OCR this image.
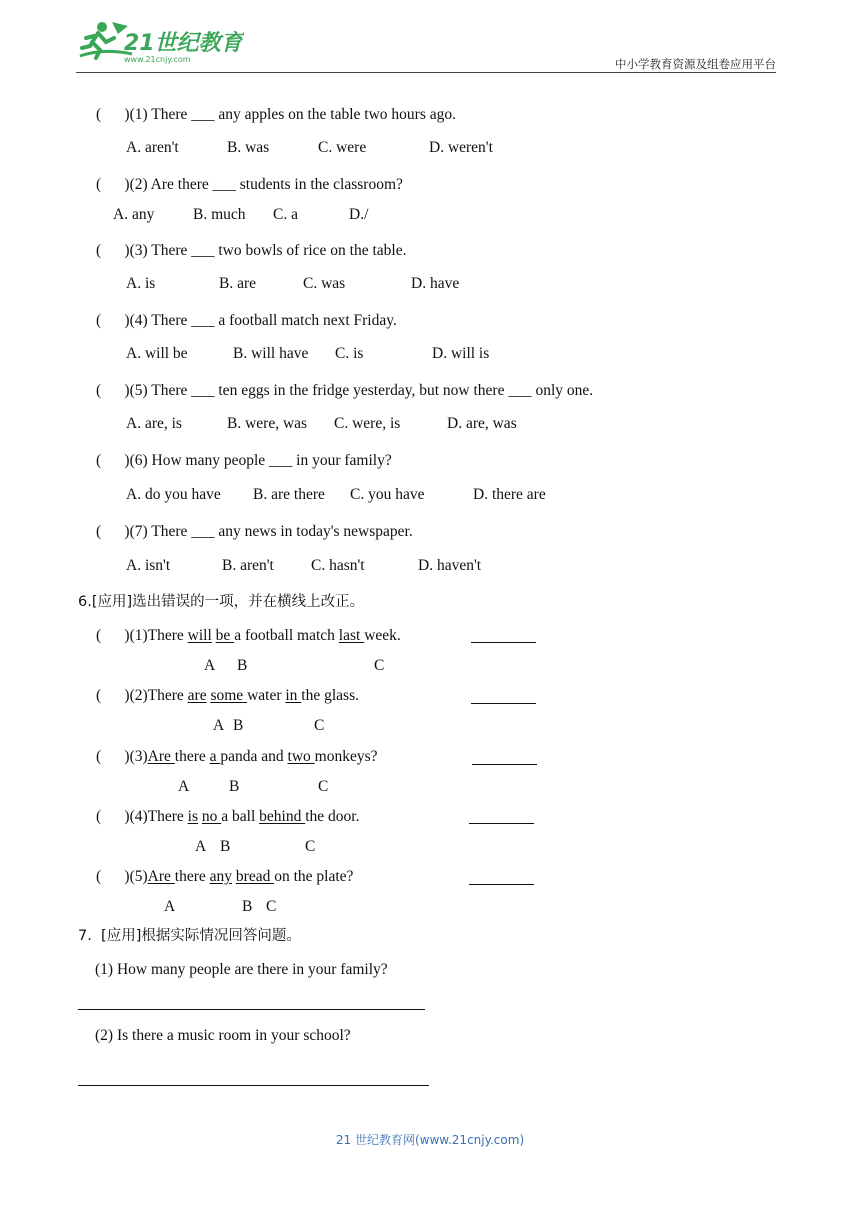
21世纪教育
www.21cnjy.com	中小学教育资源及组卷应用平台
(      )(1) There ___ any apples on the table two hours ago.
A. aren't	B. was	C. were	D. weren't
(      )(2) Are there ___ students in the classroom?
A. any B. much C. a	D./
(      )(3) There ___ two bowls of rice on the table.
A. is	B. are	C. was	D. have
(      )(4) There ___ a football match next Friday.
A. will be	B. will have C. is	D. will is
(      )(5) There ___ ten eggs in the fridge yesterday, but now there ___ only one.
A. are, is	B. were, was C. were, is	D. are, was
(      )(6) How many people ___ in your family?
A. do you have B. are there C. you have	D. there are
(      )(7) There ___ any news in today's newspaper.
A. isn't	B. aren't C. hasn't	D. haven't
6.[应用]选出错误的一项，并在横线上改正。
(      )(1)There will be a football match last week.
A B	C
(      )(2)There are some water in the glass.
A B	C
(      )(3)Are there a panda and two monkeys?
A	B	C
(      )(4)There is no a ball behind the door.
A B	C
(      )(5)Are there any bread on the plate?
A	B C
7.  [应用]根据实际情况回答问题。
(1) How many people are there in your family?
(2) Is there a music room in your school?
21 世纪教育网(www.21cnjy.com)
